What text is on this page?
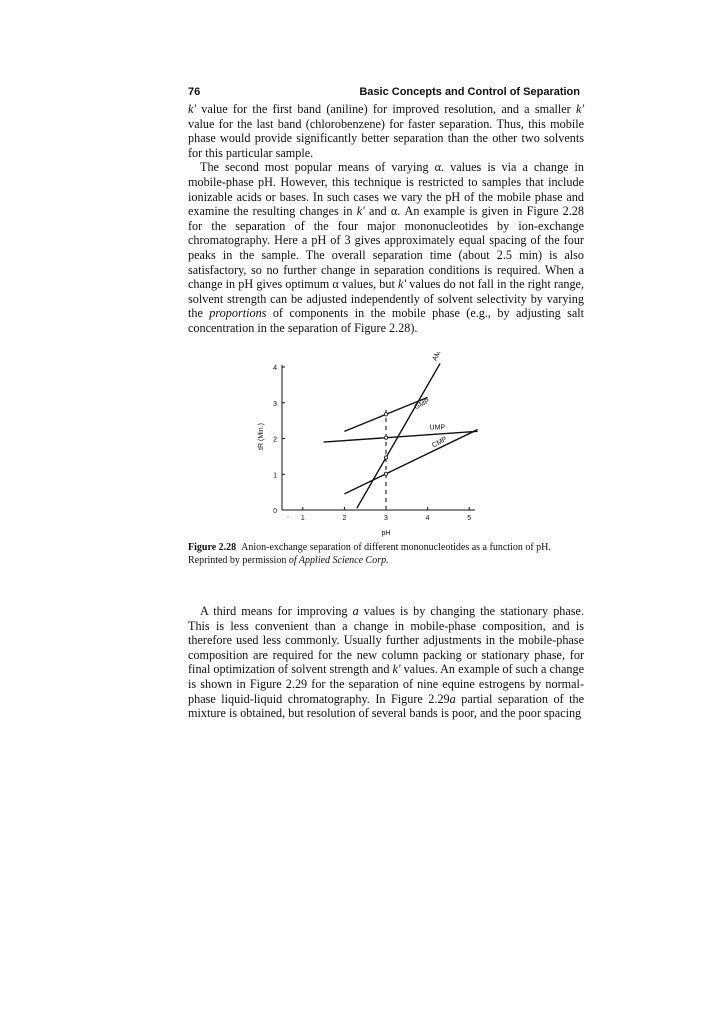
76	Basic Concepts and Control of Separation

k' value for the first band (aniline) for improved resolution, and a smaller k' value for the last band (chlorobenzene) for faster separation. Thus, this mobile phase would provide significantly better separation than the other two solvents for this particular sample.

The second most popular means of varying α. values is via a change in mobile-phase pH. However, this technique is restricted to samples that include ionizable acids or bases. In such cases we vary the pH of the mobile phase and examine the resulting changes in k' and α. An example is given in Figure 2.28 for the separation of the four major mononucleotides by ion-exchange chromatography. Here a pH of 3 gives approximately equal spacing of the four peaks in the sample. The overall separation time (about 2.5 min) is also satisfactory, so no further change in separation conditions is required. When a change in pH gives optimum α values, but k' values do not fall in the right range, solvent strength can be adjusted independently of solvent selectivity by varying the proportions of components in the mobile phase (e.g., by adjusting salt concentration in the separation of Figure 2.28).

0
1
2
3
4
1	2	3	4	5
`
pH
tR (Min.)
AMP
GMP
UMP
CMP
Figure 2.28 Anion-exchange separation of different mononucleotides as a function of pH. Reprinted by permission of Applied Science Corp.

A third means for improving a values is by changing the stationary phase. This is less convenient than a change in mobile-phase composition, and is therefore used less commonly. Usually further adjustments in the mobile-phase composition are required for the new column packing or stationary phase, for final optimization of solvent strength and k' values. An example of such a change is shown in Figure 2.29 for the separation of nine equine estrogens by normal-phase liquid-liquid chromatography. In Figure 2.29a partial separation of the mixture is obtained, but resolution of several bands is poor, and the poor spacing
